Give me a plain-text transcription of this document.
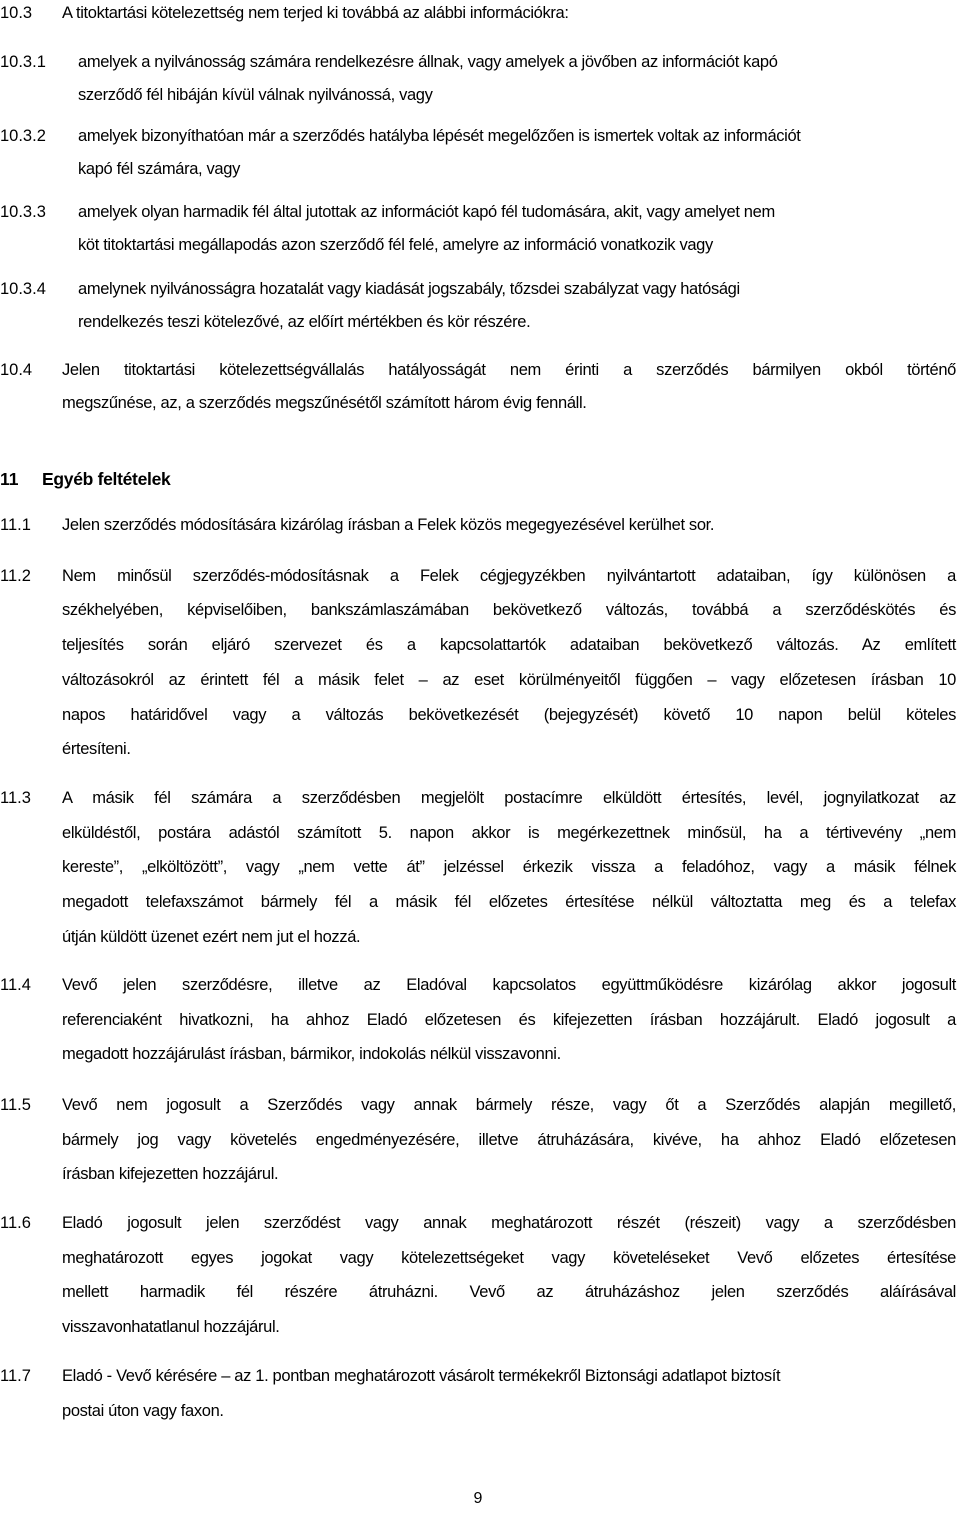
10.3 A titoktartási kötelezettség nem terjed ki továbbá az alábbi információkra:
10.3.1 amelyek a nyilvánosság számára rendelkezésre állnak, vagy amelyek a jövőben az információt kapó
szerződő fél hibáján kívül válnak nyilvánossá, vagy
10.3.2 amelyek bizonyíthatóan már a szerződés hatályba lépését megelőzően is ismertek voltak az információt
kapó fél számára, vagy
10.3.3 amelyek olyan harmadik fél által jutottak az információt kapó fél tudomására, akit, vagy amelyet nem
köt titoktartási megállapodás azon szerződő fél felé, amelyre az információ vonatkozik vagy
10.3.4 amelynek nyilvánosságra hozatalát vagy kiadását jogszabály, tőzsdei szabályzat vagy hatósági
rendelkezés teszi kötelezővé, az előírt mértékben és kör részére.
10.4 Jelen titoktartási kötelezettségvállalás hatályosságát nem érinti a szerződés bármilyen okból történő
megszűnése, az, a szerződés megszűnésétől számított három évig fennáll.
11 Egyéb feltételek
11.1 Jelen szerződés módosítására kizárólag írásban a Felek közös megegyezésével kerülhet sor.
11.2 Nem minősül szerződés-módosításnak a Felek cégjegyzékben nyilvántartott adataiban, így különösen a
székhelyében, képviselőiben, bankszámlaszámában bekövetkező változás, továbbá a szerződéskötés és
teljesítés során eljáró szervezet és a kapcsolattartók adataiban bekövetkező változás. Az említett
változásokról az érintett fél a másik felet – az eset körülményeitől függően – vagy előzetesen írásban 10
napos határidővel vagy a változás bekövetkezését (bejegyzését) követő 10 napon belül köteles
értesíteni.
11.3 A másik fél számára a szerződésben megjelölt postacímre elküldött értesítés, levél, jognyilatkozat az
elküldéstől, postára adástól számított 5. napon akkor is megérkezettnek minősül, ha a tértivevény „nem
kereste”, „elköltözött”, vagy „nem vette át” jelzéssel érkezik vissza a feladóhoz, vagy a másik félnek
megadott telefaxszámot bármely fél a másik fél előzetes értesítése nélkül változtatta meg és a telefax
útján küldött üzenet ezért nem jut el hozzá.
11.4 Vevő jelen szerződésre, illetve az Eladóval kapcsolatos együttműködésre kizárólag akkor jogosult
referenciaként hivatkozni, ha ahhoz Eladó előzetesen és kifejezetten írásban hozzájárult. Eladó jogosult a
megadott hozzájárulást írásban, bármikor, indokolás nélkül visszavonni.
11.5 Vevő nem jogosult a Szerződés vagy annak bármely része, vagy őt a Szerződés alapján megillető,
bármely jog vagy követelés engedményezésére, illetve átruházására, kivéve, ha ahhoz Eladó előzetesen
írásban kifejezetten hozzájárul.
11.6 Eladó jogosult jelen szerződést vagy annak meghatározott részét (részeit) vagy a szerződésben
meghatározott egyes jogokat vagy kötelezettségeket vagy követeléseket Vevő előzetes értesítése
mellett harmadik fél részére átruházni. Vevő az átruházáshoz jelen szerződés aláírásával
visszavonhatatlanul hozzájárul.
11.7 Eladó - Vevő kérésére – az 1. pontban meghatározott vásárolt termékekről Biztonsági adatlapot biztosít
postai úton vagy faxon.
9
